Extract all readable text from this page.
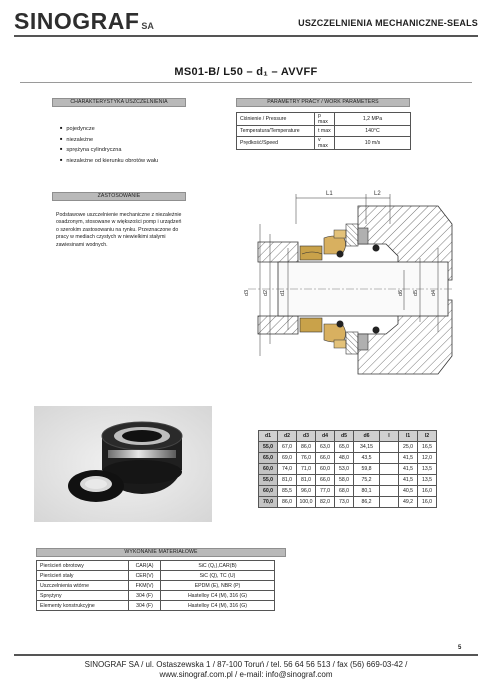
SINOGRAF SA	USZCZELNIENIA MECHANICZNE-SEALS
MS01-B/ L50 – d₁ – AVVFF
CHARAKTERYSTYKA USZCZELNIENIA
■ pojedyncze
■ niezależne
■ sprężyna cylindryczna
■ niezależne od kierunku obrotów wału
PARAMETRY PRACY / WORK PARAMETERS
Ciśnienie / Pressure	p max	1,2 MPa
Temperatura/Temperature	t max	140°C
Prędkość/Speed	v max	10 m/s
ZASTOSOWANIE
Podstawowe uszczelnienie mechaniczne z niezależnie osadzonym, stosowane w większości pomp i urządzeń o szerokim zastosowaniu na rynku. Przeznaczone do pracy w mediach czystych w niewielkimi stałymi zawiesinami wodnych.
L1	L2
d3 d2 d1	d6 d5 d4
d1	d2	d3	d4	d5	d6	l	l1	l2
55,0	67,0	86,0	63,0	65,0	34,15		25,0	16,5
65,0	69,0	76,0	66,0	48,0	43,5		41,5	12,0
60,0	74,0	71,0	60,0	53,0	59,8		41,5	13,5
55,0	81,0	81,0	66,0	58,0	75,2		41,5	13,5
60,0	85,5	96,0	77,0	68,0	80,1		40,5	16,0
70,0	86,0	100,0	82,0	73,0	86,2		49,2	16,0
WYKONANIE MATERIAŁOWE
Pierścień obrotowy	CAR(A)	SiC (Q₁),CAR(B)
Pierścień stały	CER(V)	SiC (Q), TC (U)
Uszczelnienia wtórne	FKM(V)	EPDM (E), NBR (P)
Sprężyny	304 (F)	Hastelloy C4 (M), 316 (G)
Elementy konstrukcyjne	304 (F)	Hastelloy C4 (M), 316 (G)
5
SINOGRAF SA / ul. Ostaszewska 1 / 87-100 Toruń / tel. 56 64 56 513 / fax (56) 669-03-42 /
www.sinograf.com.pl / e-mail: info@sinograf.com
